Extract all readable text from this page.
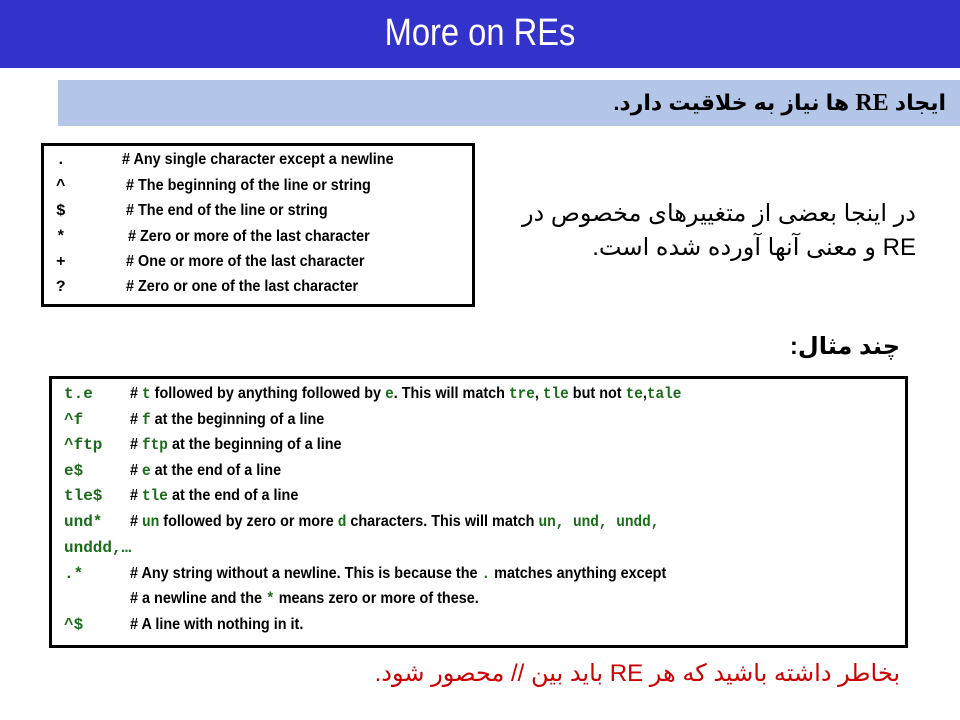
More on REs
ایجاد RE ها نیاز به خلاقیت دارد.
.	# Any single character except a newline
^	# The beginning of the line or string
$	# The end of the line or string
*	# Zero or more of the last character
+	# One or more of the last character
?	# Zero or one of the last character
در اینجا بعضی از متغییرهای مخصوص در RE و معنی آنها آورده شده است.
چند مثال:
t.e # t followed by anything followed by e. This will match tre, tle but not te,tale
^f	# f at the beginning of a line
^ftp # ftp at the beginning of a line
e$	# e at the end of a line
tle$ # tle at the end of a line
und* # un followed by zero or more d characters. This will match un, und, undd,
unddd,…
.*	# Any string without a newline. This is because the . matches anything except
# a newline and the * means zero or more of these.
^$	# A line with nothing in it.
بخاطر داشته باشید که هر RE باید بین // محصور شود.
